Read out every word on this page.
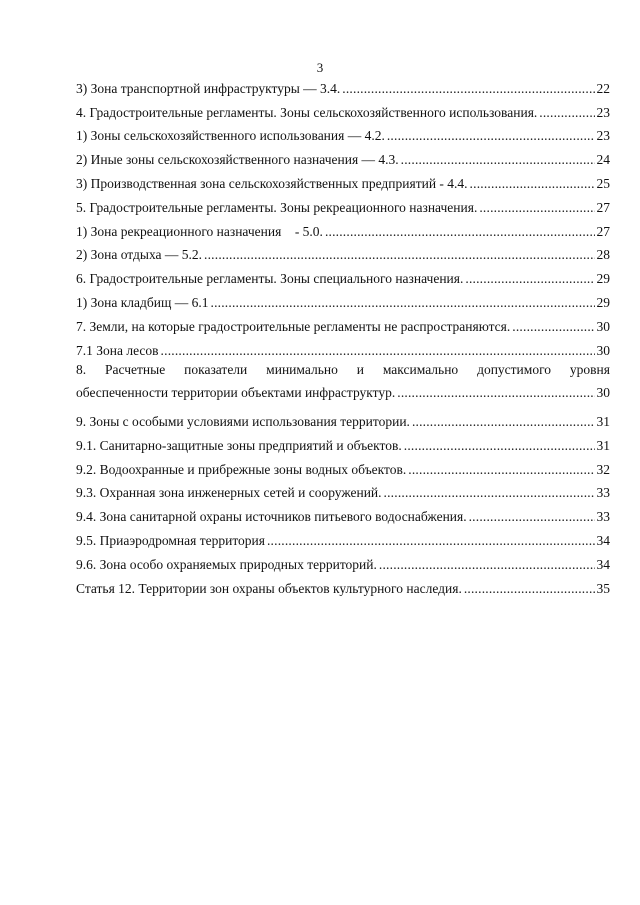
3
3) Зона транспортной инфраструктуры — 3.4. .....	22
4. Градостроительные регламенты. Зоны сельскохозяйственного использования. .....	23
1) Зоны сельскохозяйственного использования — 4.2. .....	23
2) Иные зоны сельскохозяйственного назначения — 4.3. .....	24
3) Производственная зона сельскохозяйственных предприятий - 4.4. .....	25
5. Градостроительные регламенты. Зоны рекреационного назначения. .....	27
1) Зона рекреационного назначения    - 5.0. .....	27
2) Зона отдыха — 5.2. .....	28
6. Градостроительные регламенты. Зоны специального назначения. .....	29
1) Зона кладбищ — 6.1 .....	29
7. Земли, на которые градостроительные регламенты не распространяются. .....	30
7.1 Зона лесов .....	30
8. Расчетные показатели минимально и максимально допустимого уровня
обеспеченности территории объектами инфраструктур. .....	30
9. Зоны с особыми условиями использования территории. .....	31
9.1. Санитарно-защитные зоны предприятий и объектов. .....	31
9.2. Водоохранные и прибрежные зоны водных объектов. .....	32
9.3. Охранная зона инженерных сетей и сооружений. .....	33
9.4. Зона санитарной охраны источников питьевого водоснабжения. .....	33
9.5. Приаэродромная территория .....	34
9.6. Зона особо охраняемых природных территорий. .....	34
Статья 12. Территории зон охраны объектов культурного наследия. .....	35
